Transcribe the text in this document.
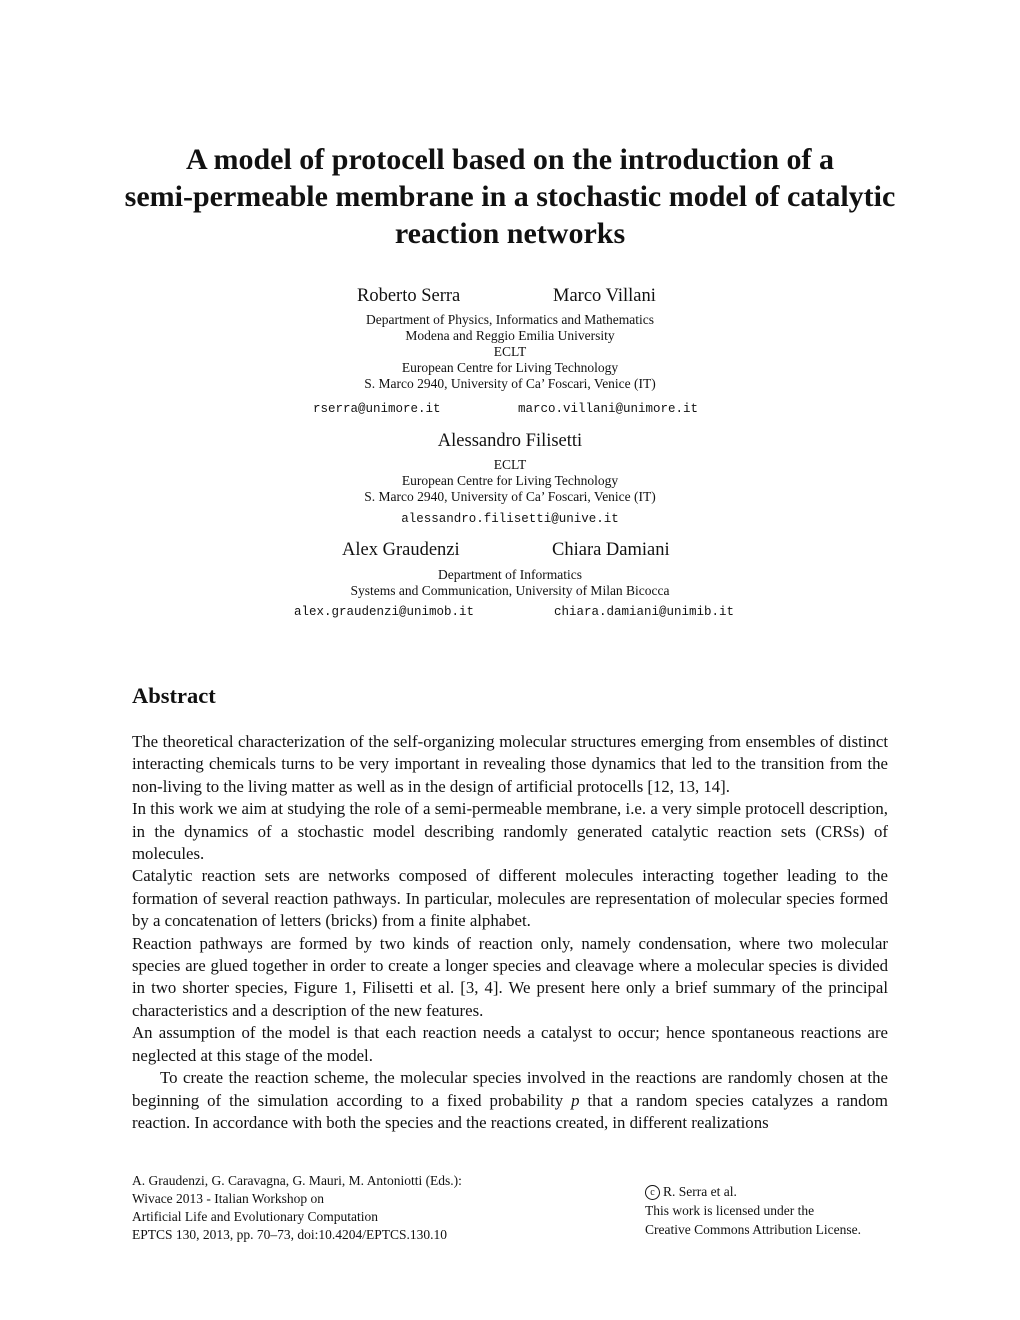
A model of protocell based on the introduction of a
semi-permeable membrane in a stochastic model of catalytic
reaction networks
Roberto Serra	Marco Villani
Department of Physics, Informatics and Mathematics
Modena and Reggio Emilia University
ECLT
European Centre for Living Technology
S. Marco 2940, University of Ca’ Foscari, Venice (IT)
rserra@unimore.it	marco.villani@unimore.it
Alessandro Filisetti
ECLT
European Centre for Living Technology
S. Marco 2940, University of Ca’ Foscari, Venice (IT)
alessandro.filisetti@unive.it
Alex Graudenzi	Chiara Damiani
Department of Informatics
Systems and Communication, University of Milan Bicocca
alex.graudenzi@unimob.it	chiara.damiani@unimib.it
Abstract

The theoretical characterization of the self-organizing molecular structures emerging from ensembles of distinct interacting chemicals turns to be very important in revealing those dynamics that led to the transition from the non-living to the living matter as well as in the design of artificial protocells [12, 13, 14].

In this work we aim at studying the role of a semi-permeable membrane, i.e. a very simple protocell description, in the dynamics of a stochastic model describing randomly generated catalytic reaction sets (CRSs) of molecules.

Catalytic reaction sets are networks composed of different molecules interacting together leading to the formation of several reaction pathways. In particular, molecules are representation of molecular species formed by a concatenation of letters (bricks) from a finite alphabet.

Reaction pathways are formed by two kinds of reaction only, namely condensation, where two molecular species are glued together in order to create a longer species and cleavage where a molecular species is divided in two shorter species, Figure 1, Filisetti et al. [3, 4]. We present here only a brief summary of the principal characteristics and a description of the new features.

An assumption of the model is that each reaction needs a catalyst to occur; hence spontaneous reactions are neglected at this stage of the model.

To create the reaction scheme, the molecular species involved in the reactions are randomly chosen at the beginning of the simulation according to a fixed probability p that a random species catalyzes a random reaction. In accordance with both the species and the reactions created, in different realizations

A. Graudenzi, G. Caravagna, G. Mauri, M. Antoniotti (Eds.):
Wivace 2013 - Italian Workshop on
Artificial Life and Evolutionary Computation
EPTCS 130, 2013, pp. 70–73, doi:10.4204/EPTCS.130.10
c R. Serra et al.
This work is licensed under the
Creative Commons Attribution License.
